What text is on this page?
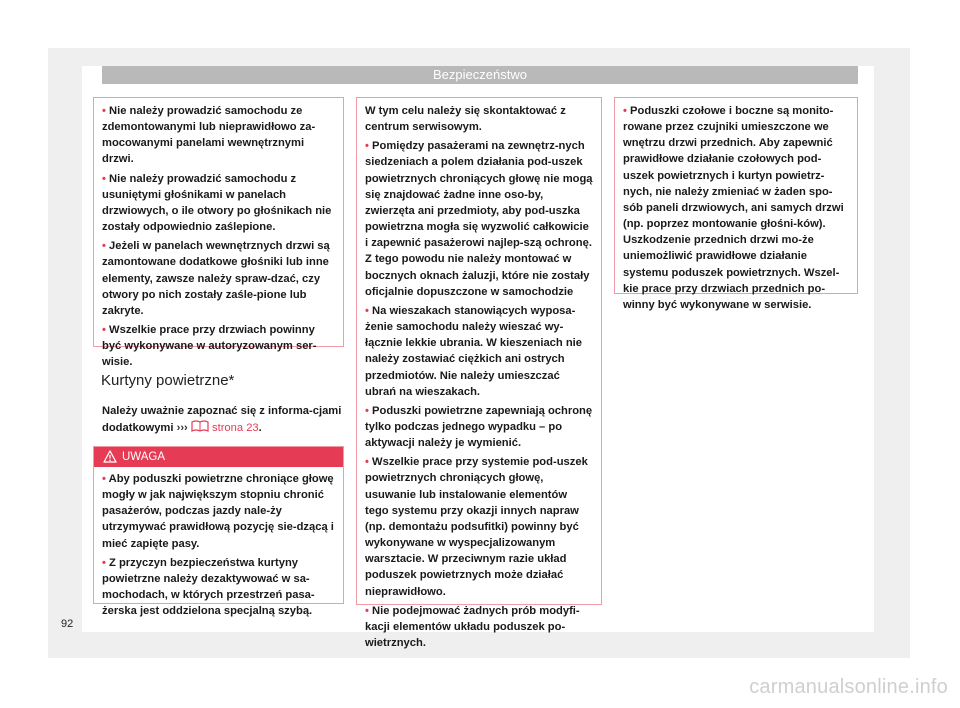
Bezpieczeństwo
• Nie należy prowadzić samochodu ze zdemontowanymi lub nieprawidłowo za-mocowanymi panelami wewnętrznymi drzwi.
• Nie należy prowadzić samochodu z usuniętymi głośnikami w panelach drzwiowych, o ile otwory po głośnikach nie zostały odpowiednio zaślepione.
• Jeżeli w panelach wewnętrznych drzwi są zamontowane dodatkowe głośniki lub inne elementy, zawsze należy spraw-dzać, czy otwory po nich zostały zaśle-pione lub zakryte.
• Wszelkie prace przy drzwiach powinny być wykonywane w autoryzowanym ser-wisie.
Kurtyny powietrzne*
Należy uważnie zapoznać się z informa-cjami dodatkowymi ››› strona 23.
UWAGA
• Aby poduszki powietrzne chroniące głowę mogły w jak największym stopniu chronić pasażerów, podczas jazdy nale-ży utrzymywać prawidłową pozycję sie-dzącą i mieć zapięte pasy.
• Z przyczyn bezpieczeństwa kurtyny powietrzne należy dezaktywować w sa-mochodach, w których przestrzeń pasa-żerska jest oddzielona specjalną szybą.
W tym celu należy się skontaktować z centrum serwisowym.
• Pomiędzy pasażerami na zewnętrz-nych siedzeniach a polem działania pod-uszek powietrznych chroniących głowę nie mogą się znajdować żadne inne oso-by, zwierzęta ani przedmioty, aby pod-uszka powietrzna mogła się wyzwolić całkowicie i zapewnić pasażerowi najlep-szą ochronę. Z tego powodu nie należy montować w bocznych oknach żaluzji, które nie zostały oficjalnie dopuszczone w samochodzie
• Na wieszakach stanowiących wyposa-żenie samochodu należy wieszać wy-łącznie lekkie ubrania. W kieszeniach nie należy zostawiać ciężkich ani ostrych przedmiotów. Nie należy umieszczać ubrań na wieszakach.
• Poduszki powietrzne zapewniają ochronę tylko podczas jednego wypadku – po aktywacji należy je wymienić.
• Wszelkie prace przy systemie pod-uszek powietrznych chroniących głowę, usuwanie lub instalowanie elementów tego systemu przy okazji innych napraw (np. demontażu podsufitki) powinny być wykonywane w wyspecjalizowanym warsztacie. W przeciwnym razie układ poduszek powietrznych może działać nieprawidłowo.
• Nie podejmować żadnych prób modyfi-kacji elementów układu poduszek po-wietrznych.
• Poduszki czołowe i boczne są monito-rowane przez czujniki umieszczone we wnętrzu drzwi przednich. Aby zapewnić prawidłowe działanie czołowych pod-uszek powietrznych i kurtyn powietrz-nych, nie należy zmieniać w żaden spo-sób paneli drzwiowych, ani samych drzwi (np. poprzez montowanie głośni-ków). Uszkodzenie przednich drzwi mo-że uniemożliwić prawidłowe działanie systemu poduszek powietrznych. Wszel-kie prace przy drzwiach przednich po-winny być wykonywane w serwisie.
92
carmanualsonline.info
